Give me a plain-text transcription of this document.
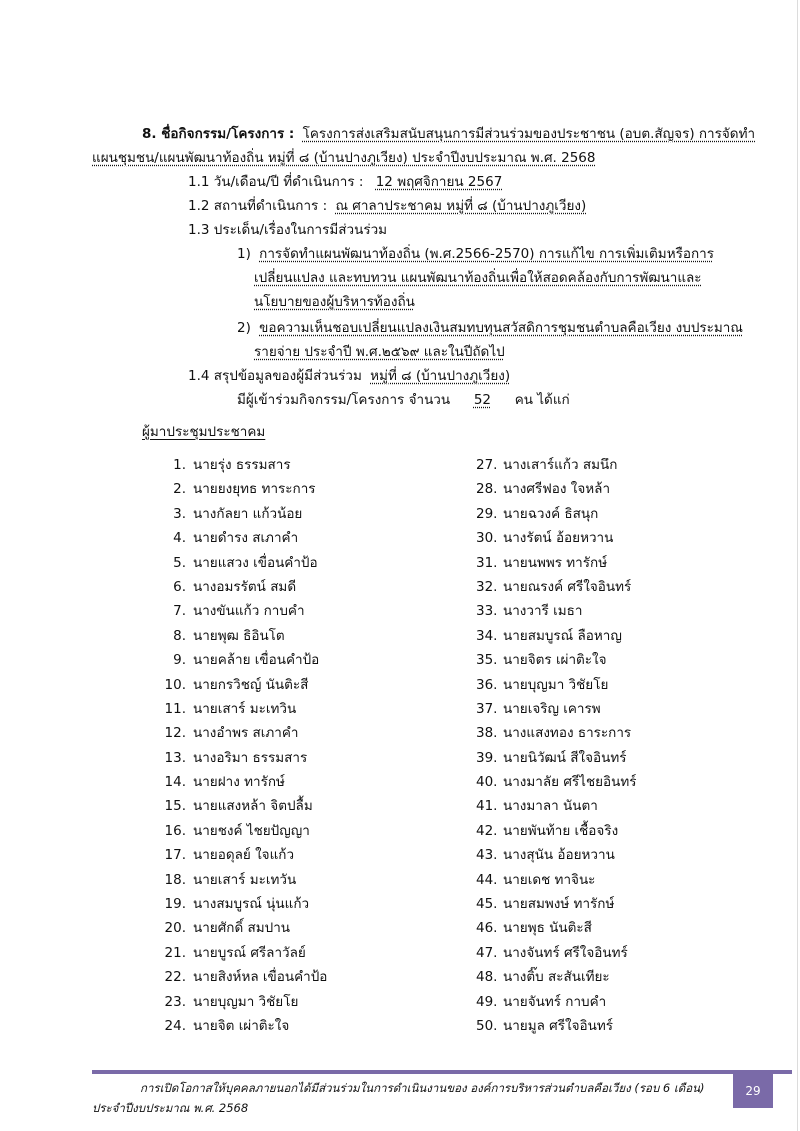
8. ชื่อกิจกรรม/โครงการ : โครงการส่งเสริมสนับสนุนการมีส่วนร่วมของประชาชน (อบต.สัญจร) การจัดทำ
แผนชุมชน/แผนพัฒนาท้องถิ่น หมู่ที่ ๘ (บ้านปางภูเวียง) ประจำปีงบประมาณ พ.ศ. 2568
1.1 วัน/เดือน/ปี ที่ดำเนินการ : 12 พฤศจิกายน 2567
1.2 สถานที่ดำเนินการ : ณ ศาลาประชาคม หมู่ที่ ๘ (บ้านปางภูเวียง)
1.3 ประเด็น/เรื่องในการมีส่วนร่วม
1) การจัดทำแผนพัฒนาท้องถิ่น (พ.ศ.2566-2570) การแก้ไข การเพิ่มเติมหรือการ
เปลี่ยนแปลง และทบทวน แผนพัฒนาท้องถิ่นเพื่อให้สอดคล้องกับการพัฒนาและ
นโยบายของผู้บริหารท้องถิ่น
2) ขอความเห็นชอบเปลี่ยนแปลงเงินสมทบทุนสวัสดิการชุมชนตำบลคือเวียง งบประมาณ
รายจ่าย ประจำปี พ.ศ.๒๕๖๙ และในปีถัดไป
1.4 สรุปข้อมูลของผู้มีส่วนร่วม หมู่ที่ ๘ (บ้านปางภูเวียง)
มีผู้เข้าร่วมกิจกรรม/โครงการ จำนวน 52 คน ได้แก่
ผู้มาประชุมประชาคม
1. นายรุ่ง ธรรมสาร
2. นายยงยุทธ ทาระการ
3. นางกัลยา แก้วน้อย
4. นายดำรง สเภาคำ
5. นายแสวง เขื่อนคำป้อ
6. นางอมรรัตน์ สมดี
7. นางขันแก้ว กาบคำ
8. นายพุฒ ธิอินโต
9. นายคล้าย เขื่อนคำป้อ
10. นายกรวิชญ์ นันติะสี
11. นายเสาร์ มะเทวิน
12. นางอำพร สเภาคำ
13. นางอริมา ธรรมสาร
14. นายฝาง ทารักษ์
15. นายแสงหล้า จิตปลื้ม
16. นายชงค์ ไชยปัญญา
17. นายอดุลย์ ใจแก้ว
18. นายเสาร์ มะเทวัน
19. นางสมบูรณ์ นุ่นแก้ว
20. นายศักดิ์ สมปาน
21. นายบูรณ์ ศรีลาวัลย์
22. นายสิงห์หล เขื่อนคำป้อ
23. นายบุญมา วิชัยโย
24. นายจิต เผ่าติะใจ
27. นางเสาร์แก้ว สมนึก
28. นางศรีฟอง ใจหล้า
29. นายฉวงค์ ธิสนุก
30. นางรัตน์ อ้อยหวาน
31. นายนพพร ทารักษ์
32. นายณรงค์ ศรีใจอินทร์
33. นางวารี เมธา
34. นายสมบูรณ์ ลือหาญ
35. นายจิตร เผ่าติะใจ
36. นายบุญมา วิชัยโย
37. นายเจริญ เคารพ
38. นางแสงทอง ธาระการ
39. นายนิวัฒน์ สีใจอินทร์
40. นางมาลัย ศรีไชยอินทร์
41. นางมาลา นันตา
42. นายพันท้าย เชื้อจริง
43. นางสุนัน อ้อยหวาน
44. นายเดช ทาจินะ
45. นายสมพงษ์ ทารักษ์
46. นายพุธ นันติะสี
47. นางจันทร์ ศรีใจอินทร์
48. นางติ๊บ สะสันเทียะ
49. นายจันทร์ กาบคำ
50. นายมูล ศรีใจอินทร์
การเปิดโอกาสให้บุคคลภายนอกได้มีส่วนร่วมในการดำเนินงานของ องค์การบริหารส่วนตำบลคือเวียง (รอบ 6 เดือน)
ประจำปีงบประมาณ พ.ศ. 2568
29
